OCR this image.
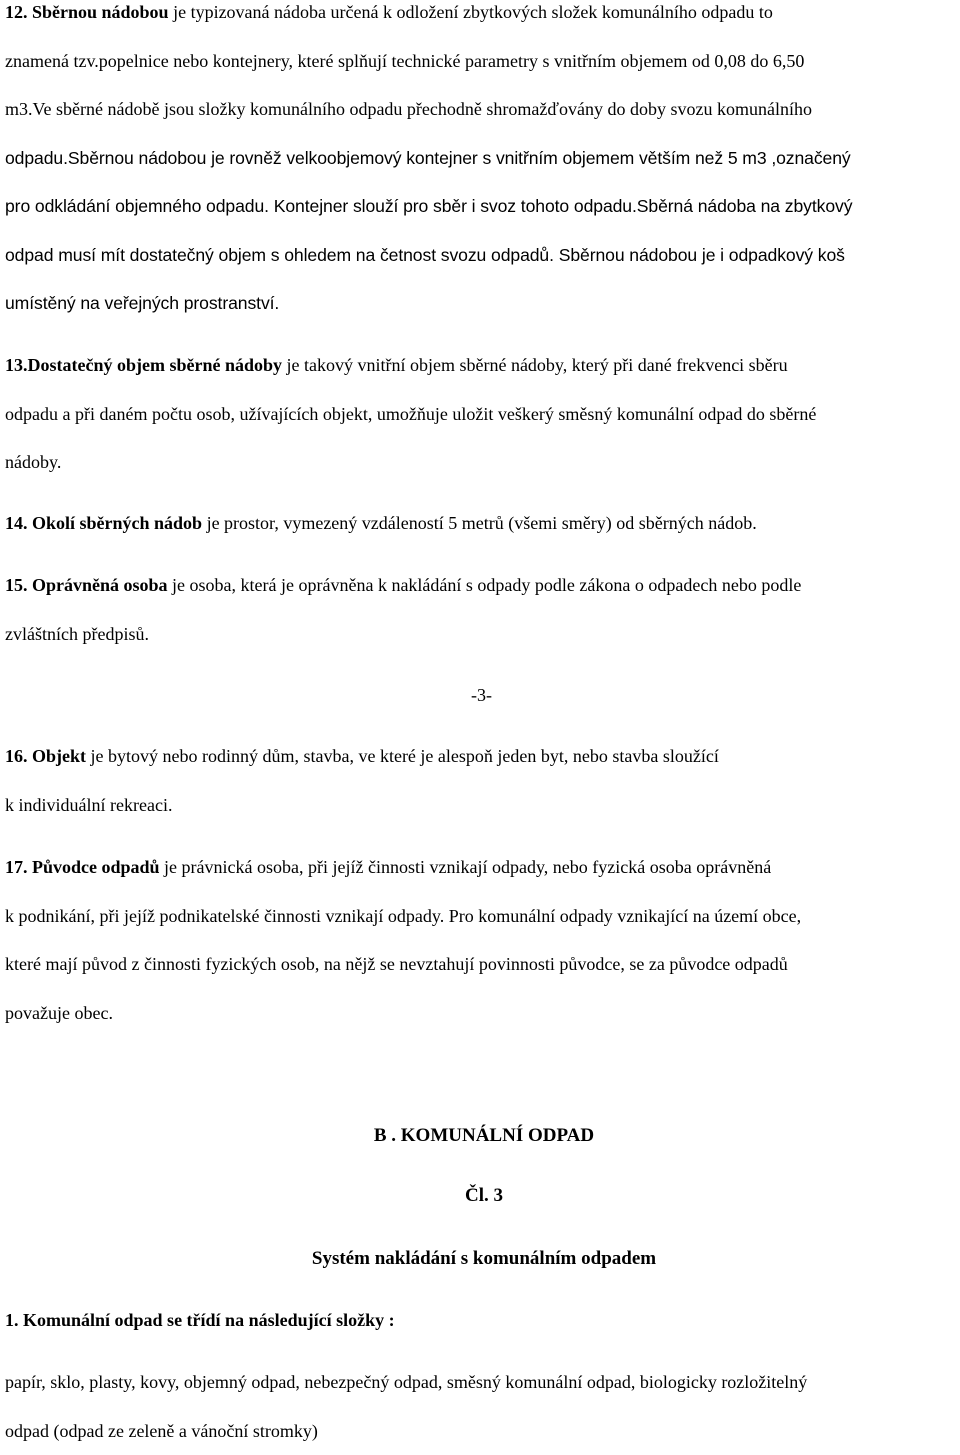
12. Sběrnou nádobou je typizovaná nádoba určená k odložení zbytkových složek komunálního odpadu to
znamená tzv.popelnice nebo kontejnery, které splňují technické parametry s vnitřním objemem od 0,08 do 6,50
m3.Ve sběrné nádobě jsou složky komunálního odpadu přechodně shromažďovány do doby svozu komunálního
odpadu.Sběrnou nádobou je rovněž velkoobjemový kontejner s vnitřním objemem větším než 5 m3 ,označený
pro odkládání objemného odpadu. Kontejner slouží pro sběr i svoz tohoto odpadu.Sběrná nádoba na zbytkový
odpad musí mít dostatečný objem s ohledem na četnost svozu odpadů. Sběrnou nádobou je i odpadkový koš
umístěný na veřejných prostranství.
13.Dostatečný objem sběrné nádoby je takový vnitřní objem sběrné nádoby, který při dané frekvenci sběru
odpadu a při daném počtu osob, užívajících objekt, umožňuje uložit veškerý směsný komunální odpad do sběrné
nádoby.
14. Okolí sběrných nádob je prostor, vymezený vzdáleností 5 metrů (všemi směry) od sběrných nádob.
15. Oprávněná osoba je osoba, která je oprávněna k nakládání s odpady podle zákona o odpadech nebo podle
zvláštních předpisů.
-3-
16. Objekt je bytový nebo rodinný dům, stavba, ve které je alespoň jeden byt, nebo stavba sloužící
k individuální rekreaci.
17. Původce odpadů je právnická osoba, při jejíž činnosti vznikají odpady, nebo fyzická osoba oprávněná
k podnikání, při jejíž podnikatelské činnosti vznikají odpady. Pro komunální odpady vznikající na území obce,
které mají původ z činnosti fyzických osob, na nějž se nevztahují povinnosti původce, se za původce odpadů
považuje obec.
B . KOMUNÁLNÍ ODPAD
Čl. 3
Systém nakládání s komunálním odpadem
1. Komunální odpad se třídí na následující složky :
papír, sklo, plasty, kovy, objemný odpad, nebezpečný odpad, směsný komunální odpad, biologicky rozložitelný
odpad (odpad ze zeleně a vánoční stromky)
